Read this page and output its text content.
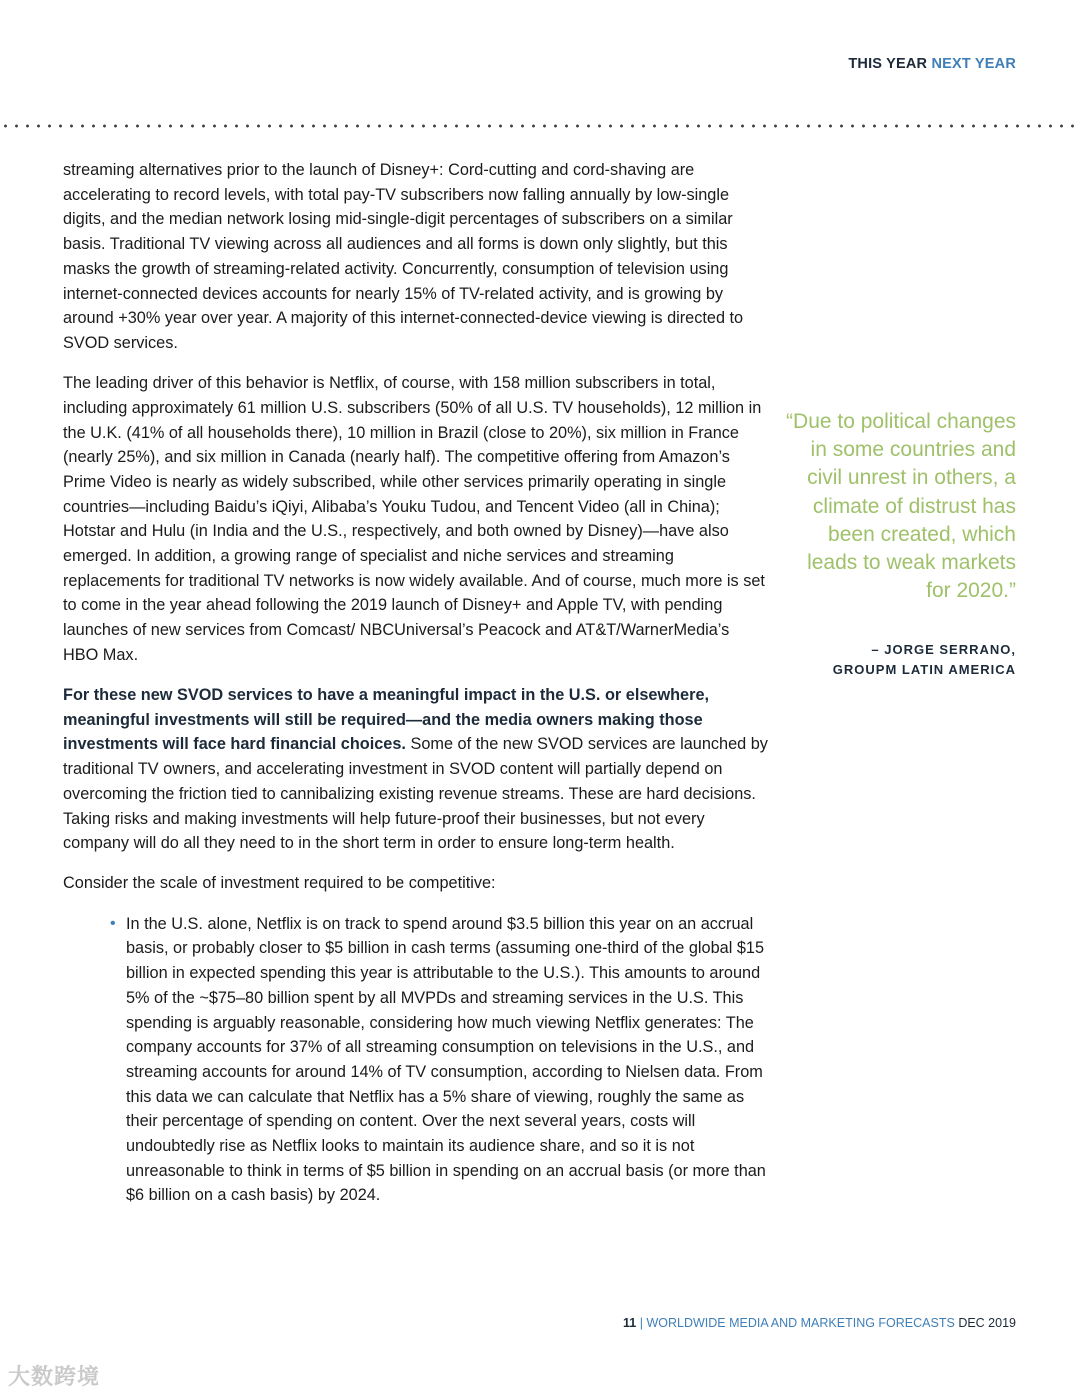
THIS YEAR NEXT YEAR

streaming alternatives prior to the launch of Disney+: Cord-cutting and cord-shaving are accelerating to record levels, with total pay-TV subscribers now falling annually by low-single digits, and the median network losing mid-single-digit percentages of subscribers on a similar basis. Traditional TV viewing across all audiences and all forms is down only slightly, but this masks the growth of streaming-related activity. Concurrently, consumption of television using internet-connected devices accounts for nearly 15% of TV-related activity, and is growing by around +30% year over year. A majority of this internet-connected-device viewing is directed to SVOD services.

The leading driver of this behavior is Netflix, of course, with 158 million subscribers in total, including approximately 61 million U.S. subscribers (50% of all U.S. TV households), 12 million in the U.K. (41% of all households there), 10 million in Brazil (close to 20%), six million in France (nearly 25%), and six million in Canada (nearly half). The competitive offering from Amazon’s Prime Video is nearly as widely subscribed, while other services primarily operating in single countries—including Baidu’s iQiyi, Alibaba’s Youku Tudou, and Tencent Video (all in China); Hotstar and Hulu (in India and the U.S., respectively, and both owned by Disney)—have also emerged. In addition, a growing range of specialist and niche services and streaming replacements for traditional TV networks is now widely available. And of course, much more is set to come in the year ahead following the 2019 launch of Disney+ and Apple TV, with pending launches of new services from Comcast/ NBCUniversal’s Peacock and AT&T/WarnerMedia’s HBO Max.

For these new SVOD services to have a meaningful impact in the U.S. or elsewhere, meaningful investments will still be required—and the media owners making those investments will face hard financial choices. Some of the new SVOD services are launched by traditional TV owners, and accelerating investment in SVOD content will partially depend on overcoming the friction tied to cannibalizing existing revenue streams. These are hard decisions. Taking risks and making investments will help future-proof their businesses, but not every company will do all they need to in the short term in order to ensure long-term health.

Consider the scale of investment required to be competitive:

• In the U.S. alone, Netflix is on track to spend around $3.5 billion this year on an accrual basis, or probably closer to $5 billion in cash terms (assuming one-third of the global $15 billion in expected spending this year is attributable to the U.S.). This amounts to around 5% of the ~$75–80 billion spent by all MVPDs and streaming services in the U.S. This spending is arguably reasonable, considering how much viewing Netflix generates: The company accounts for 37% of all streaming consumption on televisions in the U.S., and streaming accounts for around 14% of TV consumption, according to Nielsen data. From this data we can calculate that Netflix has a 5% share of viewing, roughly the same as their percentage of spending on content. Over the next several years, costs will undoubtedly rise as Netflix looks to maintain its audience share, and so it is not unreasonable to think in terms of $5 billion in spending on an accrual basis (or more than $6 billion on a cash basis) by 2024.
“Due to political changes in some countries and civil unrest in others, a climate of distrust has been created, which leads to weak markets for 2020.”
– JORGE SERRANO,
GROUPM LATIN AMERICA
11 | WORLDWIDE MEDIA AND MARKETING FORECASTS DEC 2019
大数跨境
